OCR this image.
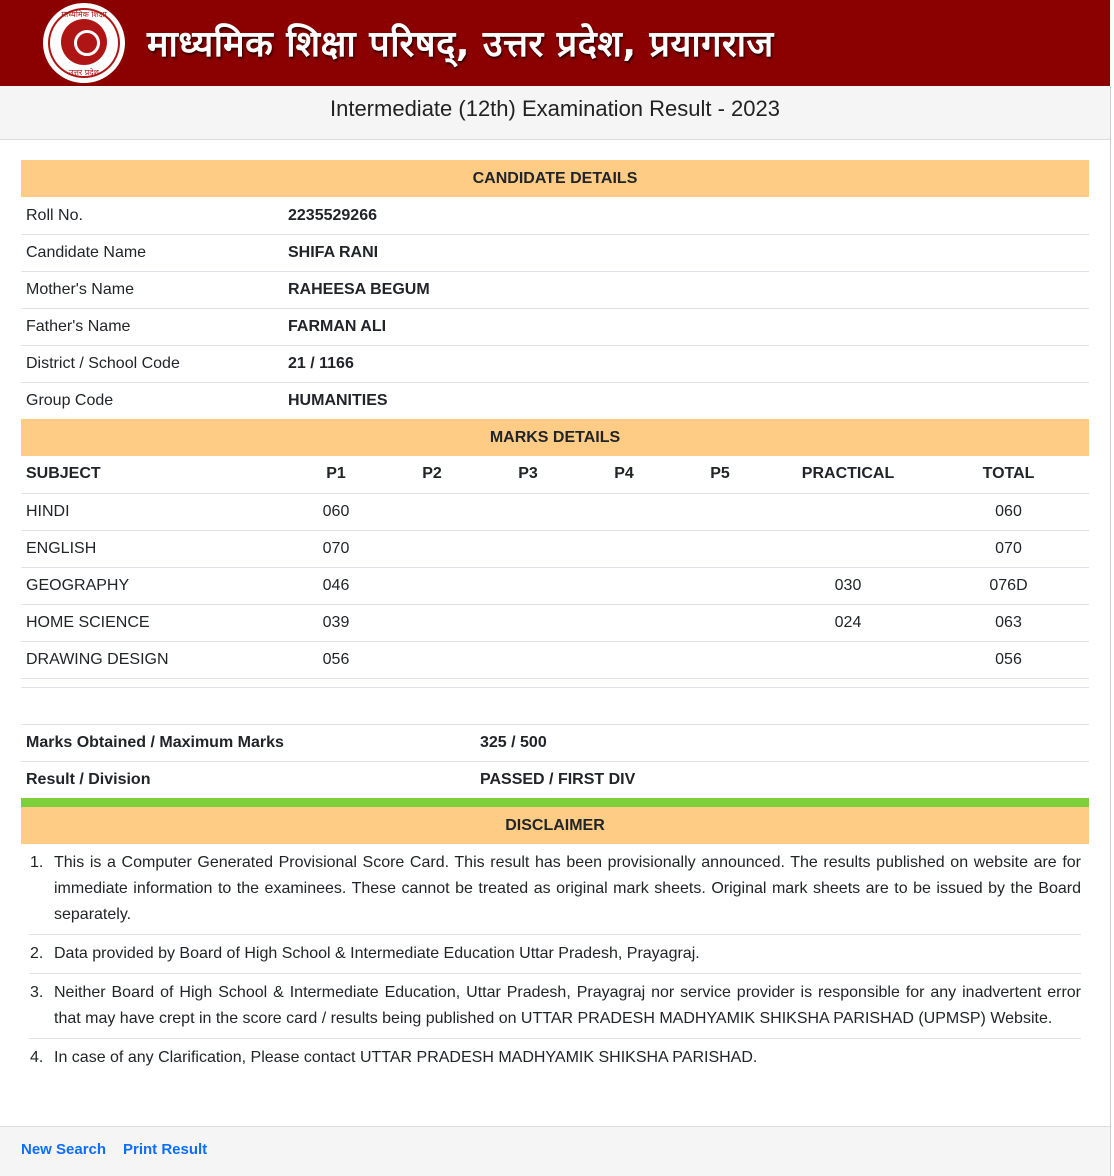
माध्यमिक शिक्षा
उत्तर प्रदेश
माध्यमिक शिक्षा परिषद्, उत्तर प्रदेश, प्रयागराज
Intermediate (12th) Examination Result - 2023
CANDIDATE DETAILS
Roll No.	2235529266
Candidate Name	SHIFA RANI
Mother's Name	RAHEESA BEGUM
Father's Name	FARMAN ALI
District / School Code	21 / 1166
Group Code	HUMANITIES
MARKS DETAILS
SUBJECT	P1	P2	P3	P4	P5	PRACTICAL	TOTAL
HINDI	060						060
ENGLISH	070						070
GEOGRAPHY	046					030	076D
HOME SCIENCE	039					024	063
DRAWING DESIGN	056						056
Marks Obtained / Maximum Marks	325 / 500
Result / Division	PASSED / FIRST DIV
DISCLAIMER
1. This is a Computer Generated Provisional Score Card. This result has been provisionally announced. The results published on website are for immediate information to the examinees. These cannot be treated as original mark sheets. Original mark sheets are to be issued by the Board separately.
2. Data provided by Board of High School & Intermediate Education Uttar Pradesh, Prayagraj.
3. Neither Board of High School & Intermediate Education, Uttar Pradesh, Prayagraj nor service provider is responsible for any inadvertent error that may have crept in the score card / results being published on UTTAR PRADESH MADHYAMIK SHIKSHA PARISHAD (UPMSP) Website.
4. In case of any Clarification, Please contact UTTAR PRADESH MADHYAMIK SHIKSHA PARISHAD.
New Search Print Result
